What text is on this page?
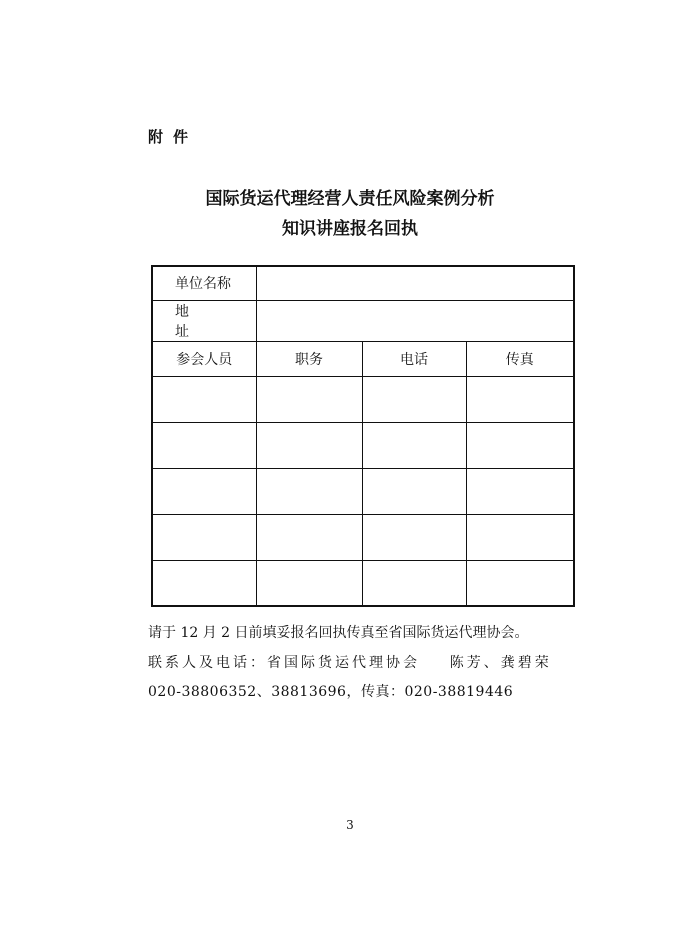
附件
国际货运代理经营人责任风险案例分析
知识讲座报名回执
单位名称			
地址			
参会人员	职务	电话	传真

请于 12 月 2 日前填妥报名回执传真至省国际货运代理协会。
联系人及电话：省国际货运代理协会    陈芳、龚碧荣
020-38806352、38813696，传真：020-38819446
3
